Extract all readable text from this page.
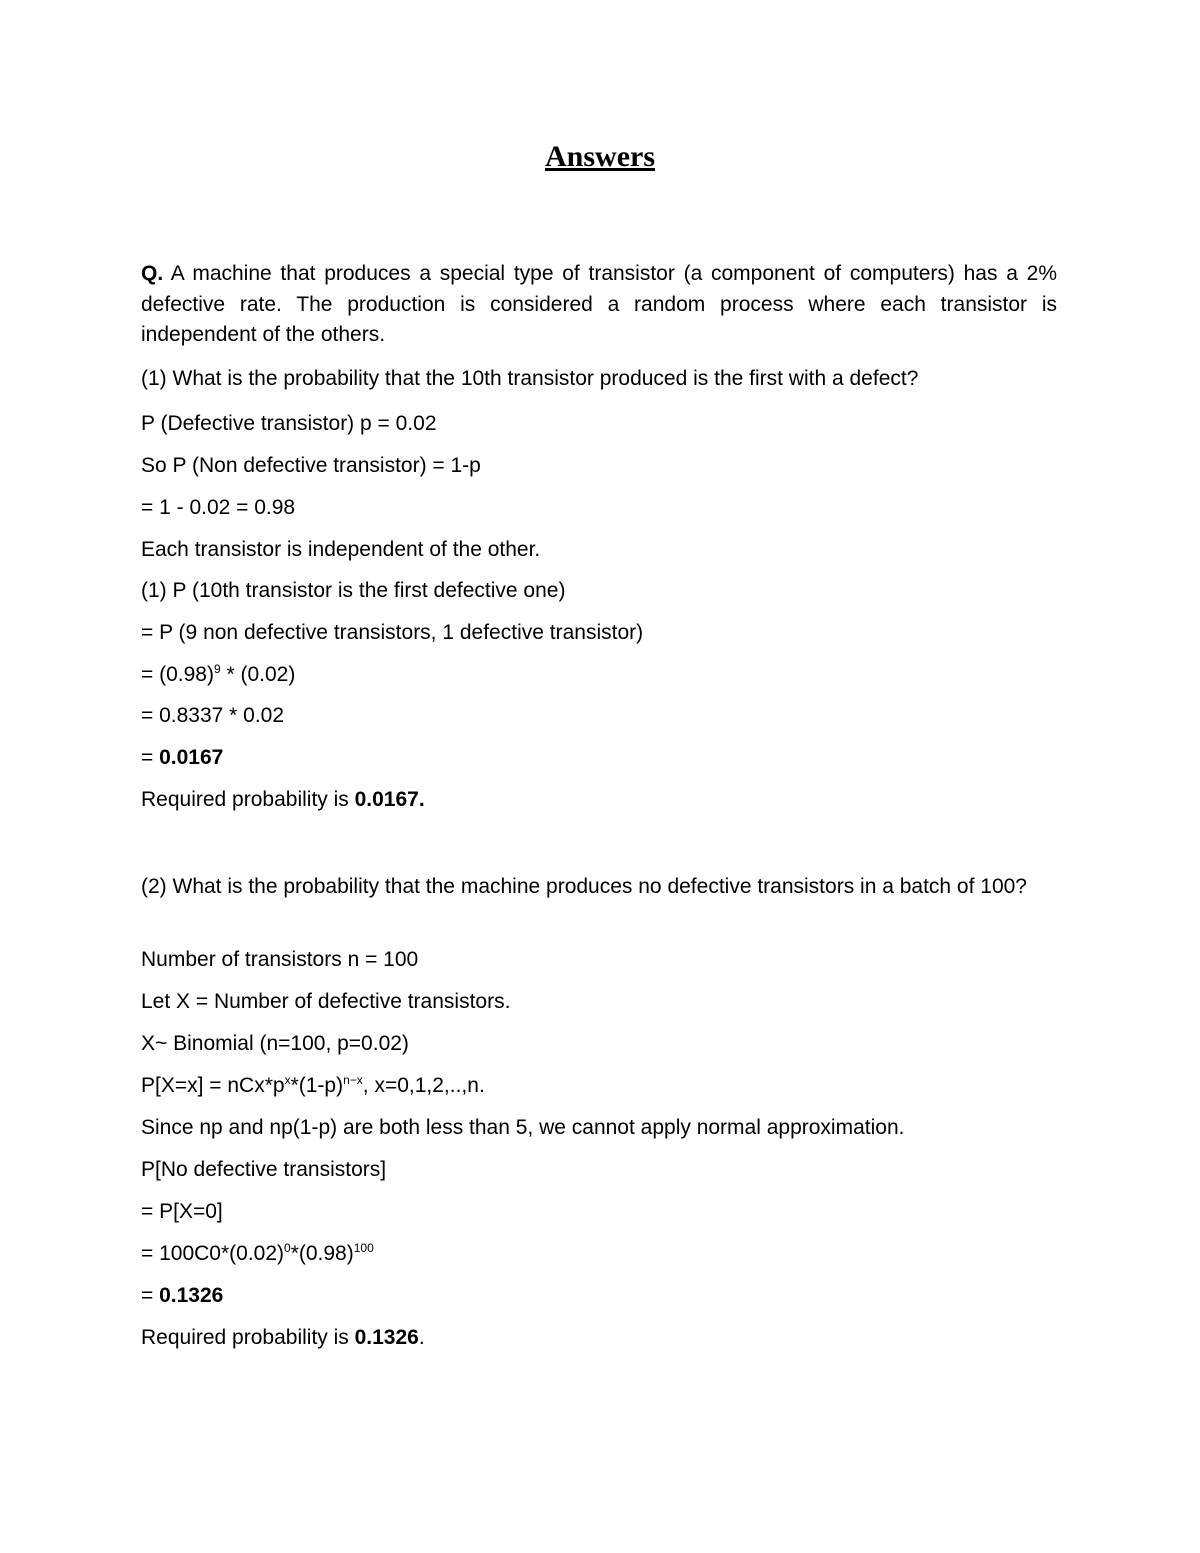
Answers
Q. A machine that produces a special type of transistor (a component of computers) has a 2% defective rate. The production is considered a random process where each transistor is independent of the others.
(1) What is the probability that the 10th transistor produced is the first with a defect?
P (Defective transistor) p = 0.02
So P (Non defective transistor) = 1-p
= 1 - 0.02 = 0.98
Each transistor is independent of the other.
(1) P (10th transistor is the first defective one)
= P (9 non defective transistors, 1 defective transistor)
= $(0.98)^9 * (0.02)$
= 0.8337 * 0.02
= 0.0167
Required probability is 0.0167.
(2) What is the probability that the machine produces no defective transistors in a batch of 100?
Number of transistors n = 100
Let X = Number of defective transistors.
X~ Binomial (n=100, p=0.02)
$P[X=x] = nCx*p^x*(1-p)^{n-x}$, x=0,1,2,..,n.
Since np and np(1-p) are both less than 5, we cannot apply normal approximation.
P[No defective transistors]
= P[X=0]
= $100C0*(0.02)^0*(0.98)^{100}$
= 0.1326
Required probability is 0.1326.
